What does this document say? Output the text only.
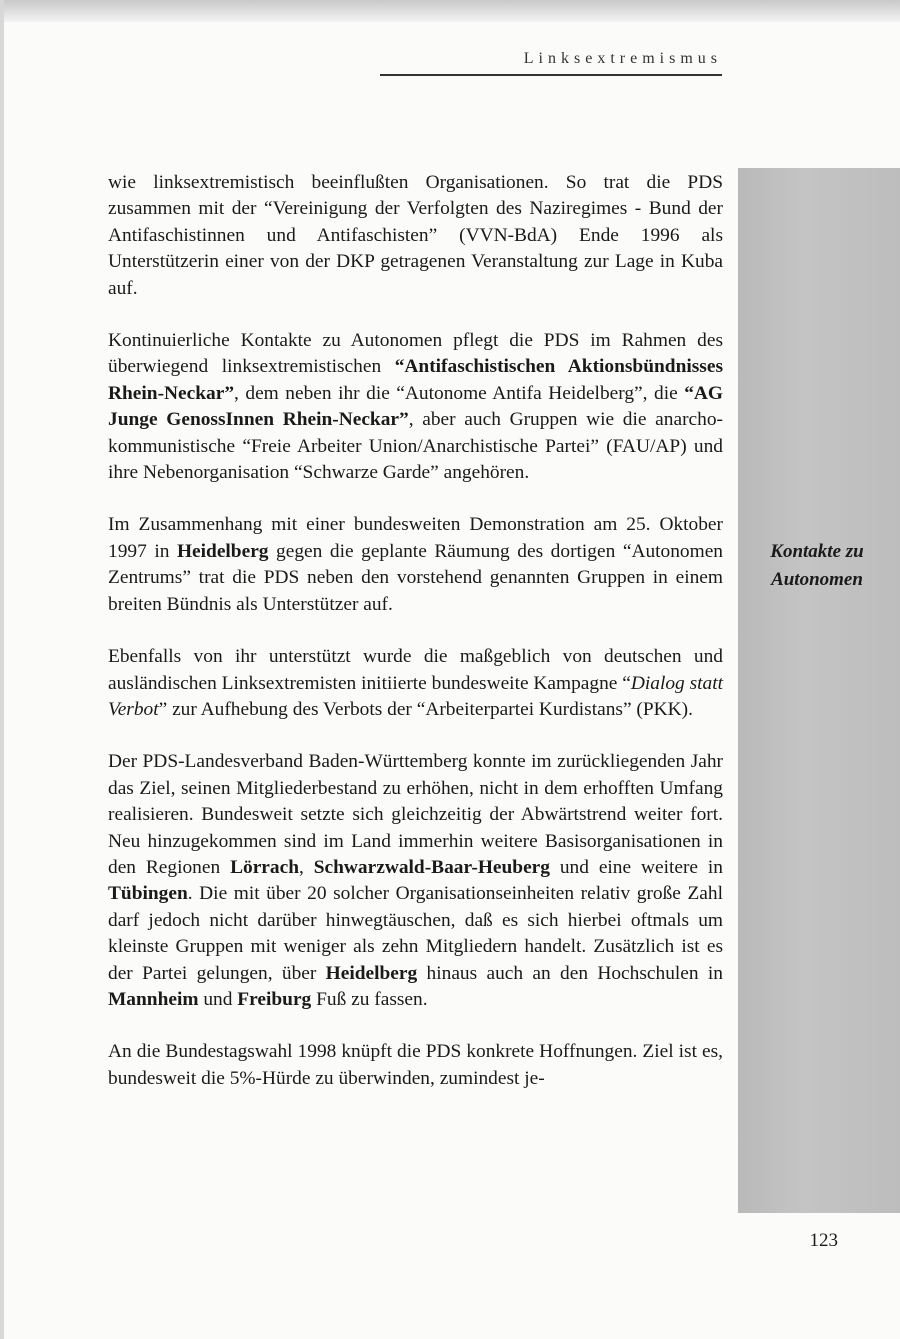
Linksextremismus
Kontakte zu
Autonomen

wie linksextremistisch beeinflußten Organisationen. So trat die PDS zusammen mit der “Vereinigung der Verfolgten des Naziregimes - Bund der Antifaschistinnen und Antifaschisten” (VVN-BdA) Ende 1996 als Unterstützerin einer von der DKP getragenen Veranstaltung zur Lage in Kuba auf.

Kontinuierliche Kontakte zu Autonomen pflegt die PDS im Rahmen des überwiegend linksextremistischen “Antifaschistischen Aktionsbündnisses Rhein-Neckar”, dem neben ihr die “Autonome Antifa Heidelberg”, die “AG Junge GenossInnen Rhein-Neckar”, aber auch Gruppen wie die anarcho-kommunistische “Freie Arbeiter Union/Anarchistische Partei” (FAU/AP) und ihre Nebenorganisation “Schwarze Garde” angehören.

Im Zusammenhang mit einer bundesweiten Demonstration am 25. Oktober 1997 in Heidelberg gegen die geplante Räumung des dortigen “Autonomen Zentrums” trat die PDS neben den vorstehend genannten Gruppen in einem breiten Bündnis als Unterstützer auf.

Ebenfalls von ihr unterstützt wurde die maßgeblich von deutschen und ausländischen Linksextremisten initiierte bundesweite Kampagne “Dialog statt Verbot” zur Aufhebung des Verbots der “Arbeiterpartei Kurdistans” (PKK).

Der PDS-Landesverband Baden-Württemberg konnte im zurückliegenden Jahr das Ziel, seinen Mitgliederbestand zu erhöhen, nicht in dem erhofften Umfang realisieren. Bundesweit setzte sich gleichzeitig der Abwärtstrend weiter fort. Neu hinzugekommen sind im Land immerhin weitere Basisorganisationen in den Regionen Lörrach, Schwarzwald-Baar-Heuberg und eine weitere in Tübingen. Die mit über 20 solcher Organisationseinheiten relativ große Zahl darf jedoch nicht darüber hinwegtäuschen, daß es sich hierbei oftmals um kleinste Gruppen mit weniger als zehn Mitgliedern handelt. Zusätzlich ist es der Partei gelungen, über Heidelberg hinaus auch an den Hochschulen in Mannheim und Freiburg Fuß zu fassen.

An die Bundestagswahl 1998 knüpft die PDS konkrete Hoffnungen. Ziel ist es, bundesweit die 5%-Hürde zu überwinden, zumindest je-

123
